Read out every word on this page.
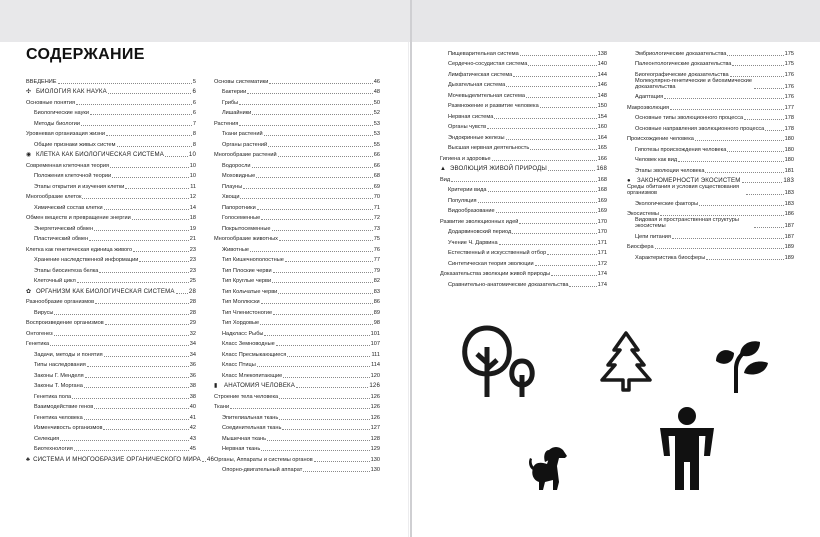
СОДЕРЖАНИЕ
ВВЕДЕНИЕ	5
✣ БИОЛОГИЯ КАК НАУКА	6
Основные понятия	6
Биологические науки	6
Методы биологии	7
Уровневая организация жизни	8
Общие признаки живых систем	8
◉ КЛЕТКА КАК БИОЛОГИЧЕСКАЯ СИСТЕМА	10
Современная клеточная теория	10
Положения клеточной теории	10
Этапы открытия и изучения клетки	11
Многообразие клеток	12
Химический состав клетки	14
Обмен веществ и превращение энергии	18
Энергетический обмен	19
Пластический обмен	21
Клетка как генетическая единица живого	23
Хранение наследственной информации	23
Этапы биосинтеза белка	23
Клеточный цикл	25
✿ ОРГАНИЗМ КАК БИОЛОГИЧЕСКАЯ СИСТЕМА 28
Разнообразие организмов	28
Вирусы	28
Воспроизведение организмов	29
Онтогенез	32
Генетика	34
Задачи, методы и понятия	34
Типы наследования	36
Законы Г. Менделя	36
Законы Т. Моргана	38
Генетика пола	38
Взаимодействие генов	40
Генетика человека	41
Изменчивость организмов	42
Селекция	43
Биотехнология	45
♣ СИСТЕМА И МНОГООБРАЗИЕ ОРГАНИЧЕСКОГО МИРА 46
Основы систематики	46
Бактерии	48
Грибы	50
Лишайники	52
Растения	53
Ткани растений	53
Органы растений	55
Многообразие растений	66
Водоросли	66
Моховидные	68
Плауны	69
Хвощи	70
Папоротники	71
Голосеменные	72
Покрытосеменные	73
Многообразие животных	75
Животные	76
Тип Кишечнополостные	77
Тип Плоские черви	79
Тип Круглые черви	82
Тип Кольчатые черви	83
Тип Моллюски	86
Тип Членистоногие	89
Тип Хордовые	98
Надкласс Рыбы	101
Класс Земноводные	107
Класс Пресмыкающиеся	111
Класс Птицы	114
Класс Млекопитающие	120
▮	АНАТОМИЯ ЧЕЛОВЕКА	126
Строение тела человека	126
Ткани	126
Эпителиальная ткань	126
Соединительная ткань	127
Мышечная ткань	128
Нервная ткань	129
Органы, Аппараты и системы органов	130
Опорно-двигательный аппарат	130
Пищеварительная система	138
Сердечно-сосудистая система	140
Лимфатическая система	144
Дыхательная система	146
Мочевыделительная система	148
Размножение и развитие человека	150
Нервная система	154
Органы чувств	160
Эндокринные железы	164
Высшая нервная деятельность	165
Гигиена и здоровье	166
▲ ЭВОЛЮЦИЯ ЖИВОЙ ПРИРОДЫ	168
Вид	168
Критерии вида	168
Популяция	169
Видообразование	169
Развитие эволюционных идей	170
Додарвиновский период	170
Учение Ч. Дарвина	171
Естественный и искусственный отбор	171
Синтетическая теория эволюции	172
Доказательства эволюции живой природы	174
Сравнительно-анатомические доказательства	174
Эмбриологические доказательства	175
Палеонтологические доказательства	175
Биогеографические доказательства	176
Молекулярно-генетические и биохимические доказательства	176
Адаптация	176
Макроэволюция	177
Основные типы эволюционного процесса	178
Основные направления эволюционного процесса	178
Происхождение человека	180
Гипотезы происхождения человека	180
Человек как вид	180
Этапы эволюции человека	181
●	ЗАКОНОМЕРНОСТИ ЭКОСИСТЕМ	183
Среды обитания и условия существования организмов	183
Экологические факторы	183
Экосистемы	186
Видовая и пространственная структуры экосистемы	187
Цепи питания	187
Биосфера	189
Характеристика биосферы	189
